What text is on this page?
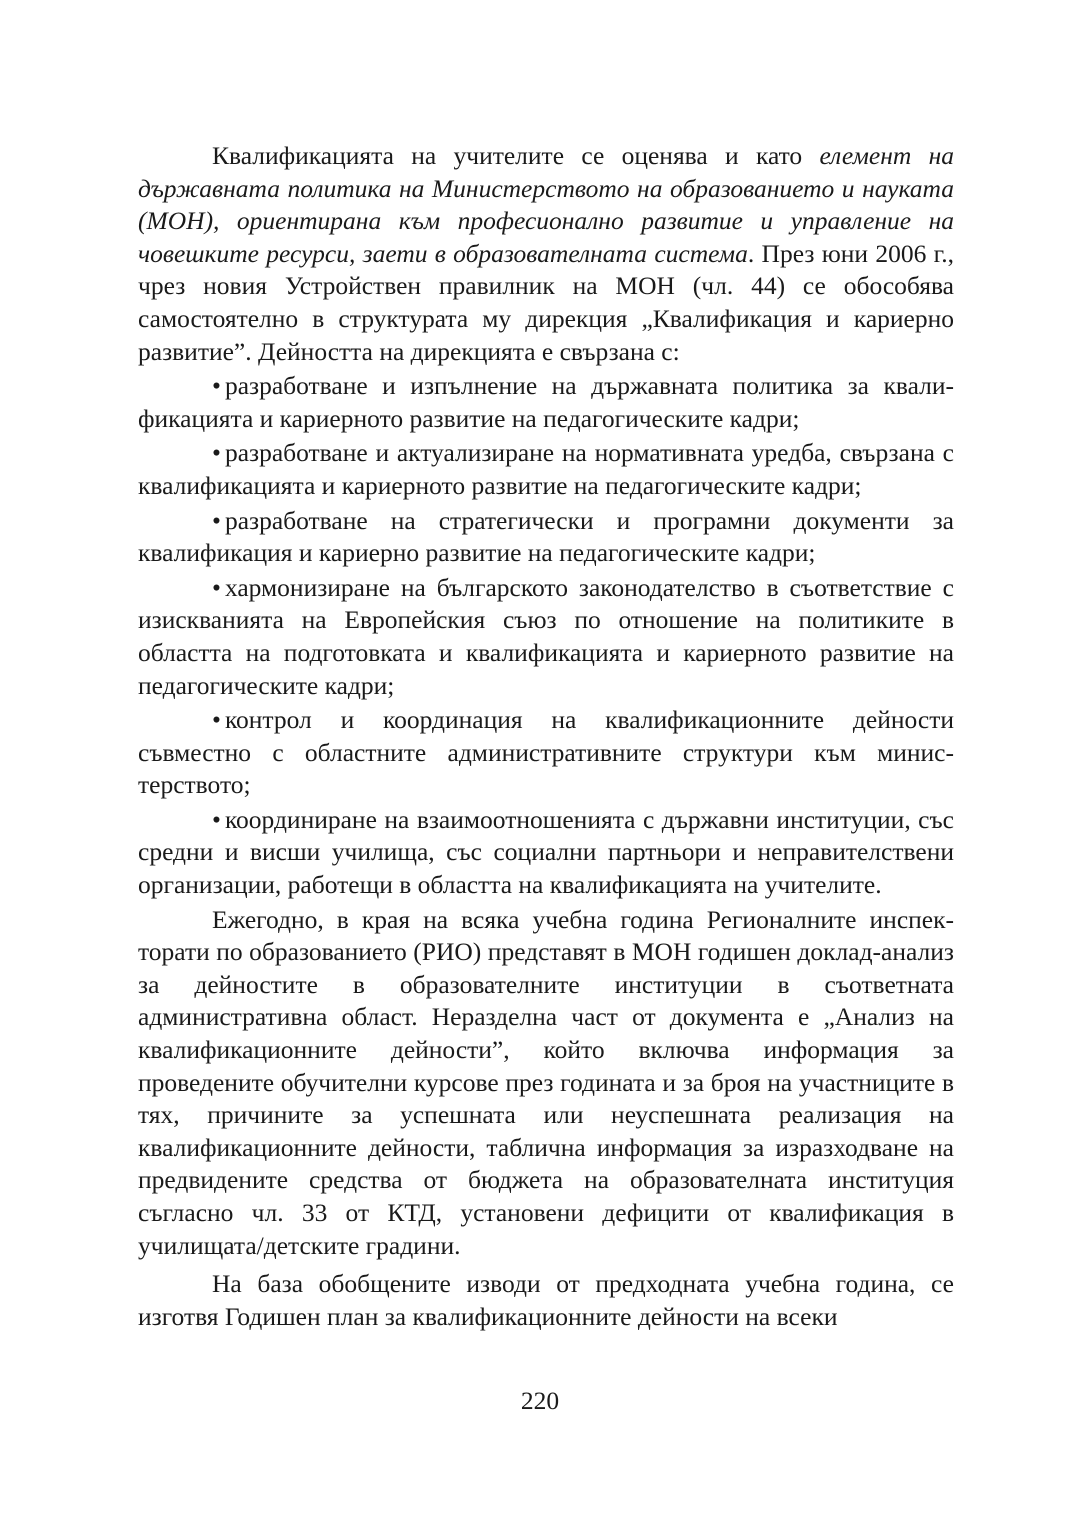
Квалификацията на учителите се оценява и като елемент на държавната политика на Министерството на образованието и науката (МОН), ориентирана към професионално развитие и управление на човешките ресурси, заети в образователната система. През юни 2006 г., чрез новия Устройствен правилник на МОН (чл. 44) се обособява самостоятелно в структурата му дирекция „Квалификация и кариерно развитие”. Дейността на дирекцията е свързана с:

• разработване и изпълнение на държавната политика за квалификацията и кариерното развитие на педагогическите кадри;

• разработване и актуализиране на нормативната уредба, свързана с квалификацията и кариерното развитие на педагогическите кадри;

• разработване на стратегически и програмни документи за квалификация и кариерно развитие на педагогическите кадри;

• хармонизиране на българското законодателство в съответствие с изискванията на Европейския съюз по отношение на политиките в областта на подготовката и квалификацията и кариерното развитие на педагогическите кадри;

• контрол и координация на квалификационните дейности съвместно с областните административните структури към министерството;

• координиране на взаимоотношенията с държавни институции, със средни и висши училища, със социални партньори и неправителствени организации, работещи в областта на квалификацията на учителите.

Ежегодно, в края на всяка учебна година Регионалните инспекторати по образованието (РИО) представят в МОН годишен доклад-анализ за дейностите в образователните институции в съответната административна област. Неразделна част от документа е „Анализ на квалификационните дейности”, който включва информация за проведените обучителни курсове през годината и за броя на участниците в тях, причините за успешната или неуспешната реализация на квалификационните дейности, таблична информация за изразходване на предвидените средства от бюджета на образователната институция съгласно чл. 33 от КТД, установени дефицити от квалификация в училищата/детските градини.

На база обобщените изводи от предходната учебна година, се изготвя Годишен план за квалификационните дейности на всеки

220
